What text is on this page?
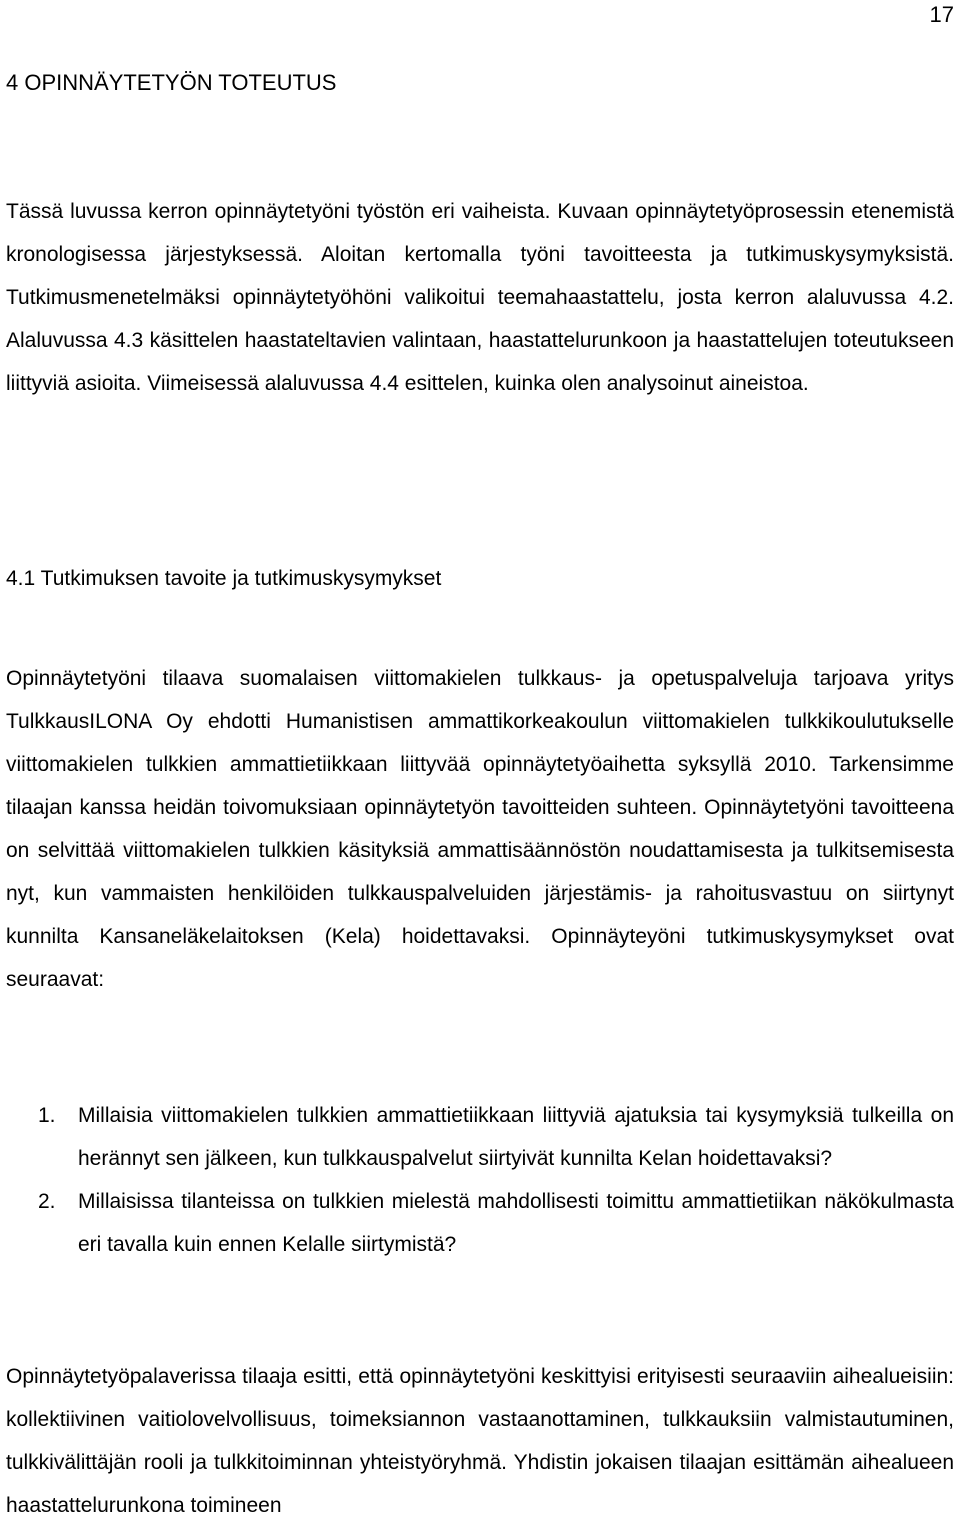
17
4 OPINNÄYTETYÖN TOTEUTUS

Tässä luvussa kerron opinnäytetyöni työstön eri vaiheista. Kuvaan opinnäytetyöprosessin etenemistä kronologisessa järjestyksessä. Aloitan kertomalla työni tavoitteesta ja tutkimuskysymyksistä. Tutkimusmenetelmäksi opinnäytetyöhöni valikoitui teemahaastattelu, josta kerron alaluvussa 4.2. Alaluvussa 4.3 käsittelen haastateltavien valintaan, haastattelurunkoon ja haastattelujen toteutukseen liittyviä asioita. Viimeisessä alaluvussa 4.4 esittelen, kuinka olen analysoinut aineistoa.

4.1 Tutkimuksen tavoite ja tutkimuskysymykset

Opinnäytetyöni tilaava suomalaisen viittomakielen tulkkaus- ja opetuspalveluja tarjoava yritys TulkkausILONA Oy ehdotti Humanistisen ammattikorkeakoulun viittomakielen tulkkikoulutukselle viittomakielen tulkkien ammattietiikkaan liittyvää opinnäytetyöaihetta syksyllä 2010. Tarkensimme tilaajan kanssa heidän toivomuksiaan opinnäytetyön tavoitteiden suhteen. Opinnäytetyöni tavoitteena on selvittää viittomakielen tulkkien käsityksiä ammattisäännöstön noudattamisesta ja tulkitsemisesta nyt, kun vammaisten henkilöiden tulkkauspalveluiden järjestämis- ja rahoitusvastuu on siirtynyt kunnilta Kansaneläkelaitoksen (Kela) hoidettavaksi. Opinnäyteyöni tutkimuskysymykset ovat seuraavat:

1. Millaisia viittomakielen tulkkien ammattietiikkaan liittyviä ajatuksia tai kysymyksiä tulkeilla on herännyt sen jälkeen, kun tulkkauspalvelut siirtyivät kunnilta Kelan hoidettavaksi?
2. Millaisissa tilanteissa on tulkkien mielestä mahdollisesti toimittu ammattietiikan näkökulmasta eri tavalla kuin ennen Kelalle siirtymistä?

Opinnäytetyöpalaverissa tilaaja esitti, että opinnäytetyöni keskittyisi erityisesti seuraaviin aihealueisiin: kollektiivinen vaitiolovelvollisuus, toimeksiannon vastaanottaminen, tulkkauksiin valmistautuminen, tulkkivälittäjän rooli ja tulkkitoiminnan yhteistyöryhmä. Yhdistin jokaisen tilaajan esittämän aihealueen haastattelurunkona toimineen
